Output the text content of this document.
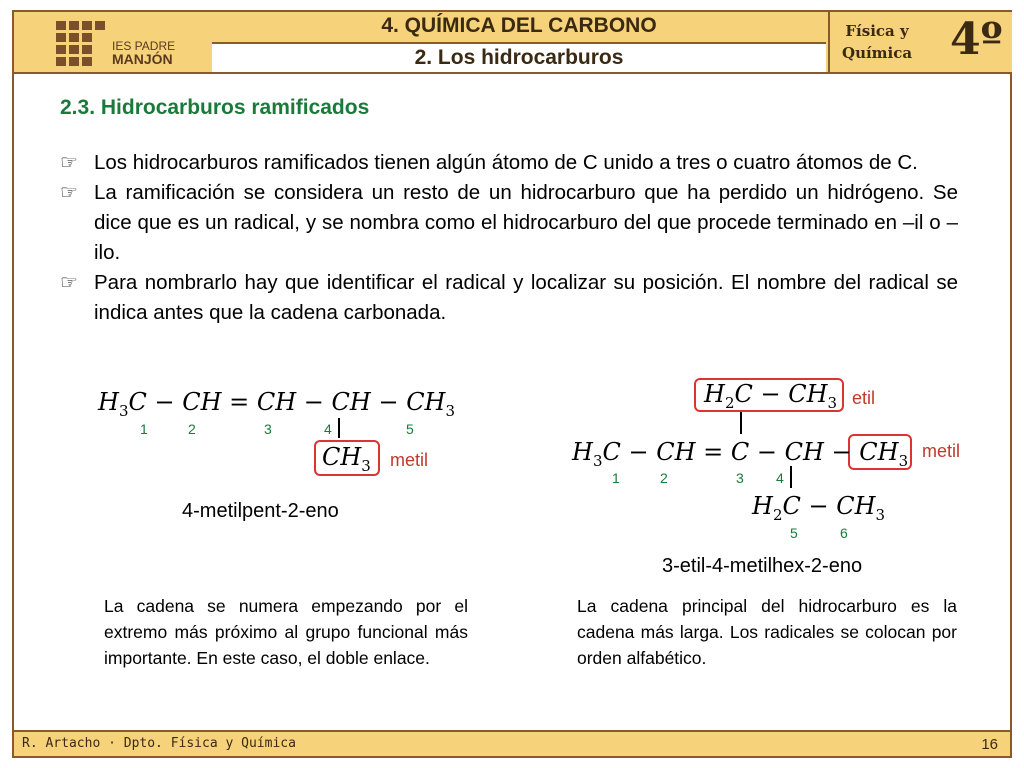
IES PADRE
MANJÓN
4. QUÍMICA DEL CARBONO
2. Los hidrocarburos
Física y
Química 4º
2.3. Hidrocarburos ramificados
☞ Los hidrocarburos ramificados tienen algún átomo de C unido a tres o cuatro átomos de C.
☞ La ramificación se considera un resto de un hidrocarburo que ha perdido un hidrógeno. Se dice que es un radical, y se nombra como el hidrocarburo del que procede terminado en –il o –ilo.
☞ Para nombrarlo hay que identificar el radical y localizar su posición. El nombre del radical se indica antes que la cadena carbonada.
$H_3C$ − CH = CH − CH − $CH_3$
1	2	3	4	5
$CH_3$ metil
4-metilpent-2-eno
La cadena se numera empezando por el extremo más próximo al grupo funcional más importante. En este caso, el doble enlace.
$H_2C - CH_3$ etil
$H_3C$ − CH = C − CH − $CH_3$ metil
1	2	3 4
$H_2C - CH_3$
5	6
3-etil-4-metilhex-2-eno
La cadena principal del hidrocarburo es la cadena más larga. Los radicales se colocan por orden alfabético.
R. Artacho · Dpto. Física y Química	16
